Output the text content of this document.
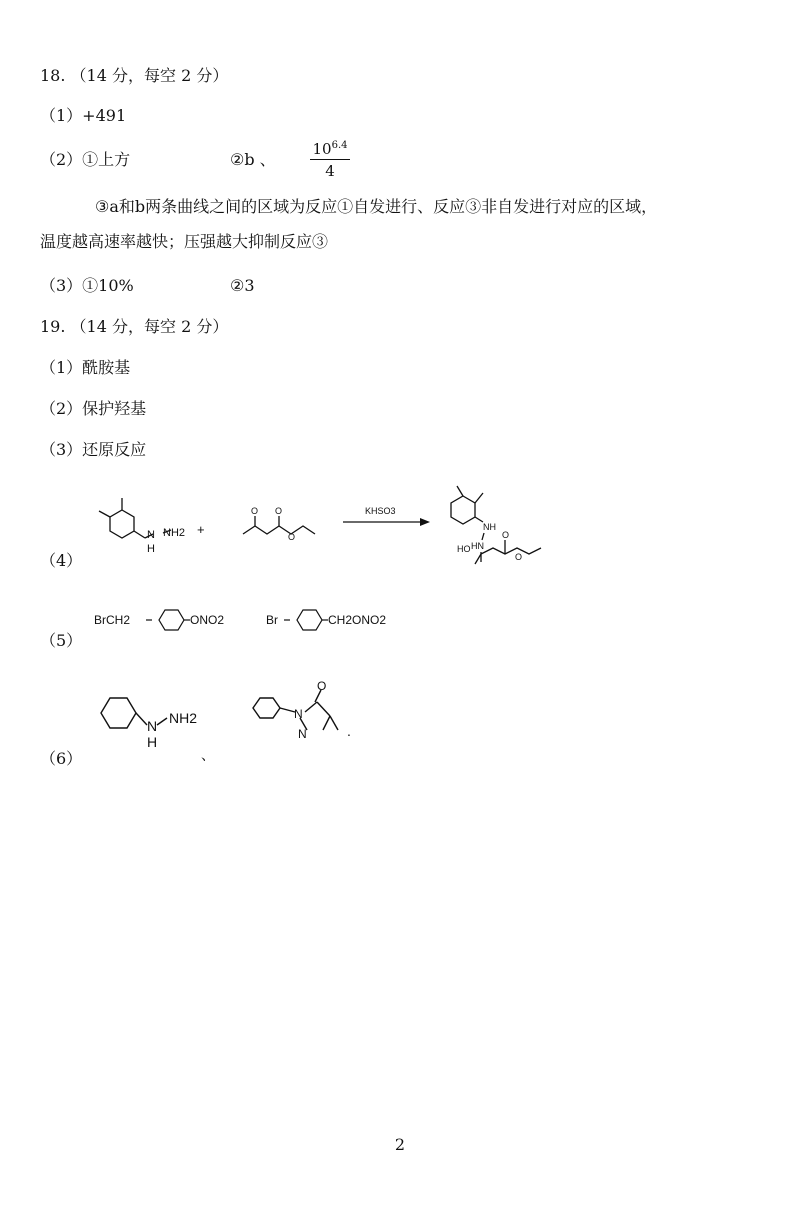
18. （14 分，每空 2 分）
（1）+491
（2）①上方	②b 、
$10^{6.4}$
4
③a和b两条曲线之间的区域为反应①自发进行、反应③非自发进行对应的区域，
温度越高速率越快；压强越大抑制反应③
（3）①10%	②3
19. （14 分，每空 2 分）
（1）酰胺基
（2）保护羟基
（3）还原反应
（4）
N
H
NH2 +
O O
O
KHSO3
NH
HN
HO
O
O
（5）
BrCH2	ONO2	Br	CH2ONO2
（6）
N NH2
H
、
O
N
N	.
2
